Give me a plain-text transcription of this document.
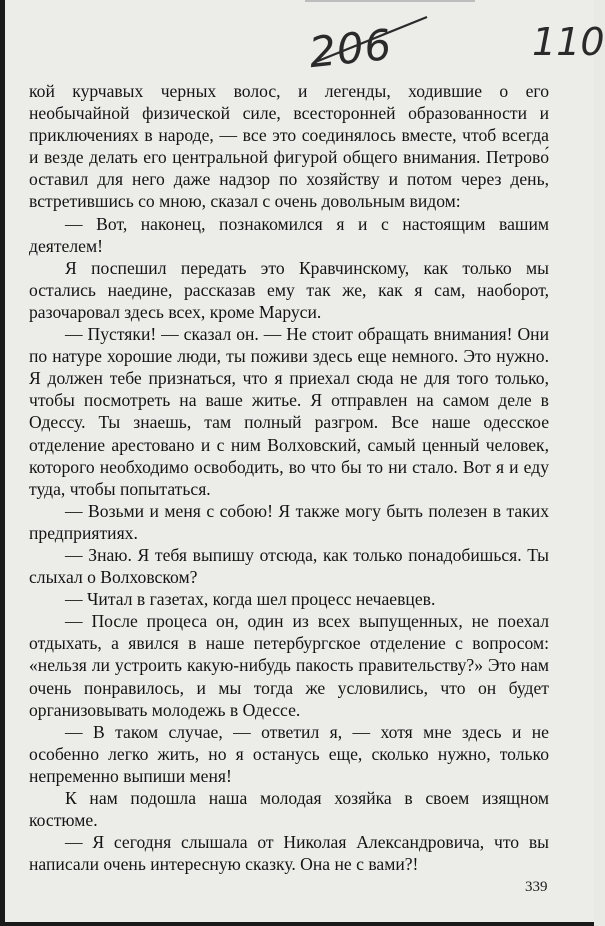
206	110

кой курчавых черных волос, и легенды, ходившие о его необычайной физической силе, всесторонней образованности и приключениях в народе, — все это соединялось вместе, чтоб всегда и везде делать его центральной фигурой общего внимания. Петрово́ оставил для него даже надзор по хозяйству и потом через день, встретившись со мною, сказал с очень довольным видом:

— Вот, наконец, познакомился я и с настоящим вашим деятелем!

Я поспешил передать это Кравчинскому, как только мы остались наедине, рассказав ему так же, как я сам, наоборот, разочаровал здесь всех, кроме Маруси.

— Пустяки! — сказал он. — Не стоит обращать внимания! Они по натуре хорошие люди, ты поживи здесь еще немного. Это нужно. Я должен тебе признаться, что я приехал сюда не для того только, чтобы посмотреть на ваше житье. Я отправлен на самом деле в Одессу. Ты знаешь, там полный разгром. Все наше одесское отделение арестовано и с ним Волховский, самый ценный человек, которого необходимо освободить, во что бы то ни стало. Вот я и еду туда, чтобы попытаться.

— Возьми и меня с собою! Я также могу быть полезен в таких предприятиях.

— Знаю. Я тебя выпишу отсюда, как только понадобишься. Ты слыхал о Волховском?

— Читал в газетах, когда шел процесс нечаевцев.

— После процеса он, один из всех выпущенных, не поехал отдыхать, а явился в наше петербургское отделение с вопросом: «нельзя ли устроить какую-нибудь пакость правительству?» Это нам очень понравилось, и мы тогда же условились, что он будет организовывать молодежь в Одессе.

— В таком случае, — ответил я, — хотя мне здесь и не особенно легко жить, но я останусь еще, сколько нужно, только непременно выпиши меня!

К нам подошла наша молодая хозяйка в своем изящном костюме.

— Я сегодня слышала от Николая Александровича, что вы написали очень интересную сказку. Она не с вами?!

339
